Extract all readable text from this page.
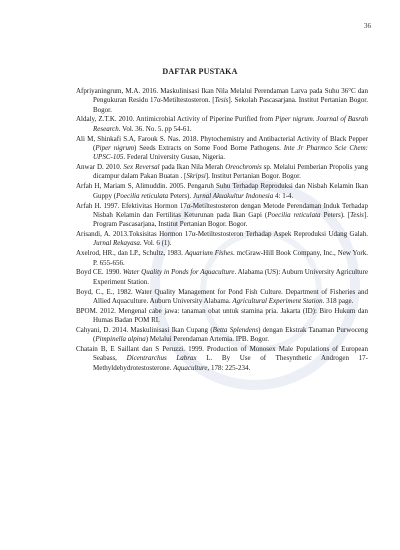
36
DAFTAR PUSTAKA
Afpriyaningrum, M.A. 2016. Maskulinisasi Ikan Nila Melalui Perendaman Larva pada Suhu 36°C dan Pengukuran Residu 17α-Metiltestosteron. [Tesis]. Sekolah Pascasarjana. Institut Pertanian Bogor. Bogor.
Aldaly, Z.T.K. 2010. Antimicrobial Activity of Piperine Purified from Piper nigrum. Journal of Basrah Research. Vol. 36. No. 5. pp 54-61.
Ali M, Shinkafi S.A, Farouk S. Nas. 2018. Phytochemistry and Antibacterial Activity of Black Pepper (Piper nigrum) Seeds Extracts on Some Food Borne Pathogens. Inte Jr Pharmco Scie Chem: UPSC-105. Federal University Gusau, Nigeria.
Anwar D. 2010. Sex Reversal pada Ikan Nila Merah Oreochromis sp. Melalui Pemberian Propolis yang dicampur dalam Pakan Buatan . [Skripsi]. Institut Pertanian Bogor. Bogor.
Arfah H, Mariam S, Alimuddin. 2005. Pengaruh Suhu Terhadap Reproduksi dan Nisbah Kelamin Ikan Guppy (Poecilia reticulata Peters). Jurnal Akuakultur Indonesia 4: 1-4.
Arfah H. 1997. Efektivitas Hormon 17α-Metiltestosteron dengan Metode Perendaman Induk Terhadap Nisbah Kelamin dan Fertilitas Keturunan pada Ikan Gapi (Poecilia reticulata Peters). [Tesis]. Program Pascasarjana, Institut Pertanian Bogor. Bogor.
Arisandi, A. 2013.Toksisitas Hormon 17α-Metiltestosteron Terhadap Aspek Reproduksi Udang Galah. Jurnal Rekayasa. Vol. 6 (1).
Axelrod, HR., dan LP., Schultz, 1983. Aquarium Fishes. mcGraw-Hill Book Company, Inc., New York. P. 655-656.
Boyd CE. 1990. Water Quality in Ponds for Aquaculture. Alabama (US): Auburn University Agriculture Experiment Station.
Boyd, C., E., 1982. Water Quality Management for Pond Fish Culture. Department of Fisheries and Allied Aquaculture. Auburn University Alabama. Agricultural Experiment Station. 318 page.
BPOM. 2012. Mengenal cabe jawa: tanaman obat untuk stamina pria. Jakarta (ID): Biro Hukum dan Humas Badan POM RI.
Cahyani, D. 2014. Maskulinisasi Ikan Cupang (Betta Splendens) dengan Ekstrak Tanaman Purwoceng (Pimpinella alpina) Melalui Perendaman Artemia. IPB. Bogor.
Chatain B, E Saillant dan S Peruzzi. 1999. Production of Monosex Male Populations of European Seabass, Dicentrarchus Labrax L. By Use of Thesynthetic Androgen 17-Methyldehydrotestosterone. Aquaculture, 178: 225-234.
